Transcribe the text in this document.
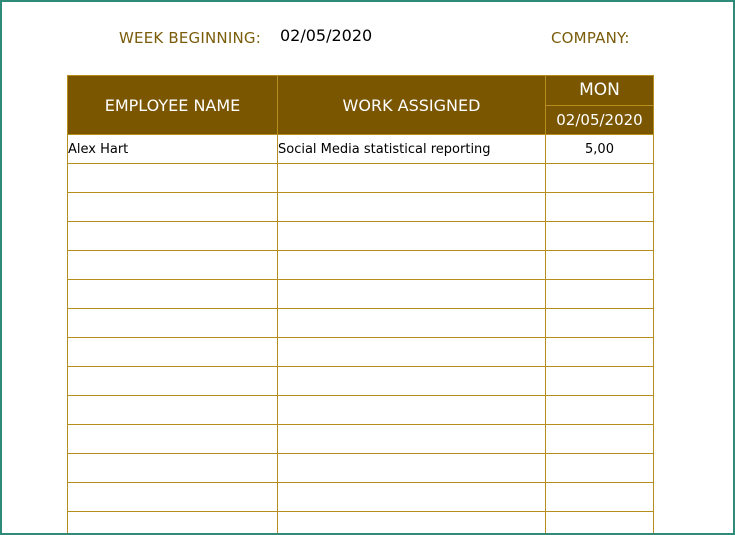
WEEK BEGINNING: 02/05/2020	COMPANY:
EMPLOYEE NAME	WORK ASSIGNED	MON
		02/05/2020
Alex Hart	Social Media statistical reporting	5,00
